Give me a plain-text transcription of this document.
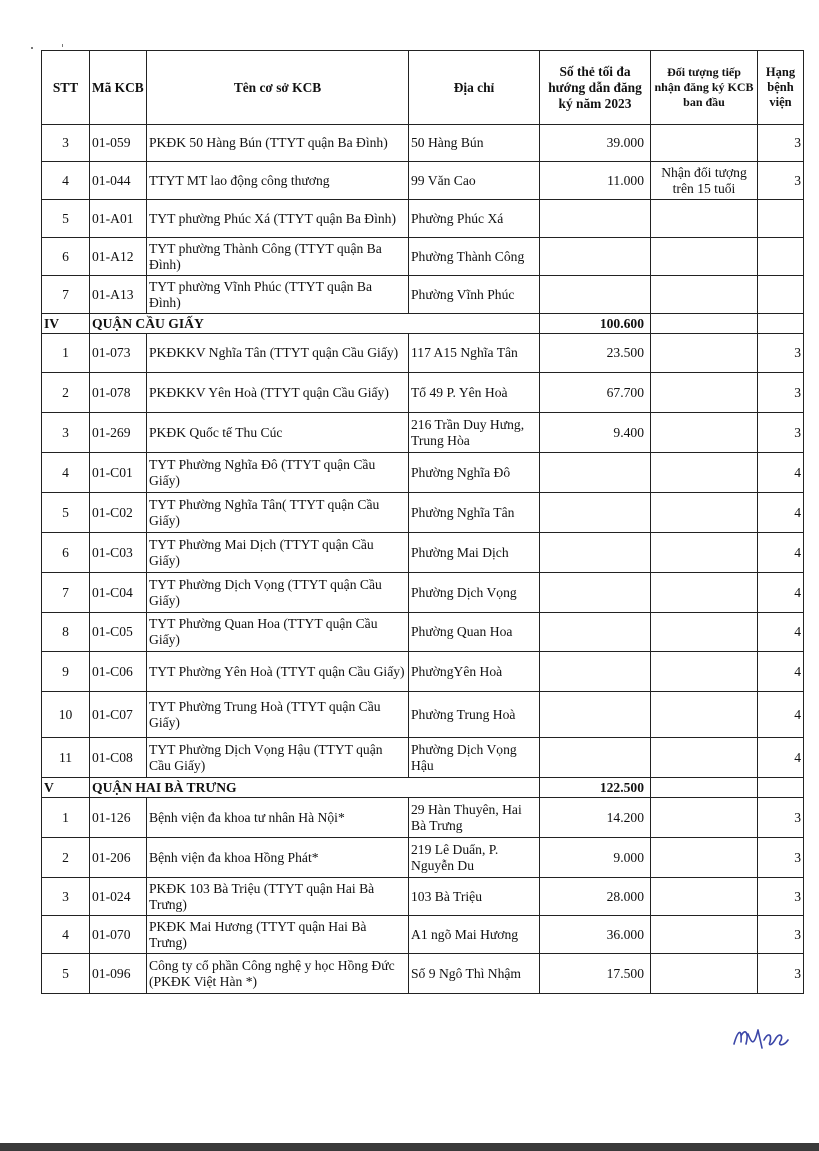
STT	Mã KCB	Tên cơ sở KCB	Địa chỉ	Số thẻ tối đa hướng dẫn đăng ký năm 2023	Đối tượng tiếp nhận đăng ký KCB ban đầu	Hạng bệnh viện
3	01-059	PKĐK 50 Hàng Bún (TTYT quận Ba Đình)	50 Hàng Bún	39.000		3
4	01-044	TTYT MT lao động công thương	99 Văn Cao	11.000	Nhận đối tượng trên 15 tuổi	3
5	01-A01	TYT phường Phúc Xá (TTYT quận Ba Đình)	Phường Phúc Xá			
6	01-A12	TYT phường Thành Công (TTYT quận Ba Đình)	Phường Thành Công			
7	01-A13	TYT phường Vĩnh Phúc (TTYT quận Ba Đình)	Phường Vĩnh Phúc			
IV	QUẬN CẦU GIẤY			100.600		
1	01-073	PKĐKKV Nghĩa Tân (TTYT quận Cầu Giấy)	117 A15 Nghĩa Tân	23.500		3
2	01-078	PKĐKKV Yên Hoà (TTYT quận Cầu Giấy)	Tổ 49 P. Yên Hoà	67.700		3
3	01-269	PKĐK Quốc tế Thu Cúc	216 Trần Duy Hưng, Trung Hòa	9.400		3
4	01-C01	TYT Phường Nghĩa Đô (TTYT quận Cầu Giấy)	Phường Nghĩa Đô			4
5	01-C02	TYT Phường Nghĩa Tân( TTYT quận Cầu Giấy)	Phường Nghĩa Tân			4
6	01-C03	TYT Phường Mai Dịch (TTYT quận Cầu Giấy)	Phường Mai Dịch			4
7	01-C04	TYT Phường Dịch Vọng (TTYT quận Cầu Giấy)	Phường Dịch Vọng			4
8	01-C05	TYT Phường Quan Hoa (TTYT quận Cầu Giấy)	Phường Quan Hoa			4
9	01-C06	TYT Phường Yên Hoà (TTYT quận Cầu Giấy)	PhườngYên Hoà			4
10	01-C07	TYT Phường Trung Hoà (TTYT quận Cầu Giấy)	Phường Trung Hoà			4
11	01-C08	TYT Phường Dịch Vọng Hậu (TTYT quận Cầu Giấy)	Phường Dịch Vọng Hậu			4
V	QUẬN HAI BÀ TRƯNG			122.500		
1	01-126	Bệnh viện đa khoa tư nhân Hà Nội*	29 Hàn Thuyên, Hai Bà Trưng	14.200		3
2	01-206	Bệnh viện đa khoa Hồng Phát*	219 Lê Duẩn, P. Nguyễn Du	9.000		3
3	01-024	PKĐK 103 Bà Triệu (TTYT quận Hai Bà Trưng)	103 Bà Triệu	28.000		3
4	01-070	PKĐK Mai Hương (TTYT quận Hai Bà Trưng)	A1 ngõ Mai Hương	36.000		3
5	01-096	Công ty cổ phần Công nghệ y học Hồng Đức (PKĐK Việt Hàn *)	Số 9 Ngô Thì Nhậm	17.500		3
